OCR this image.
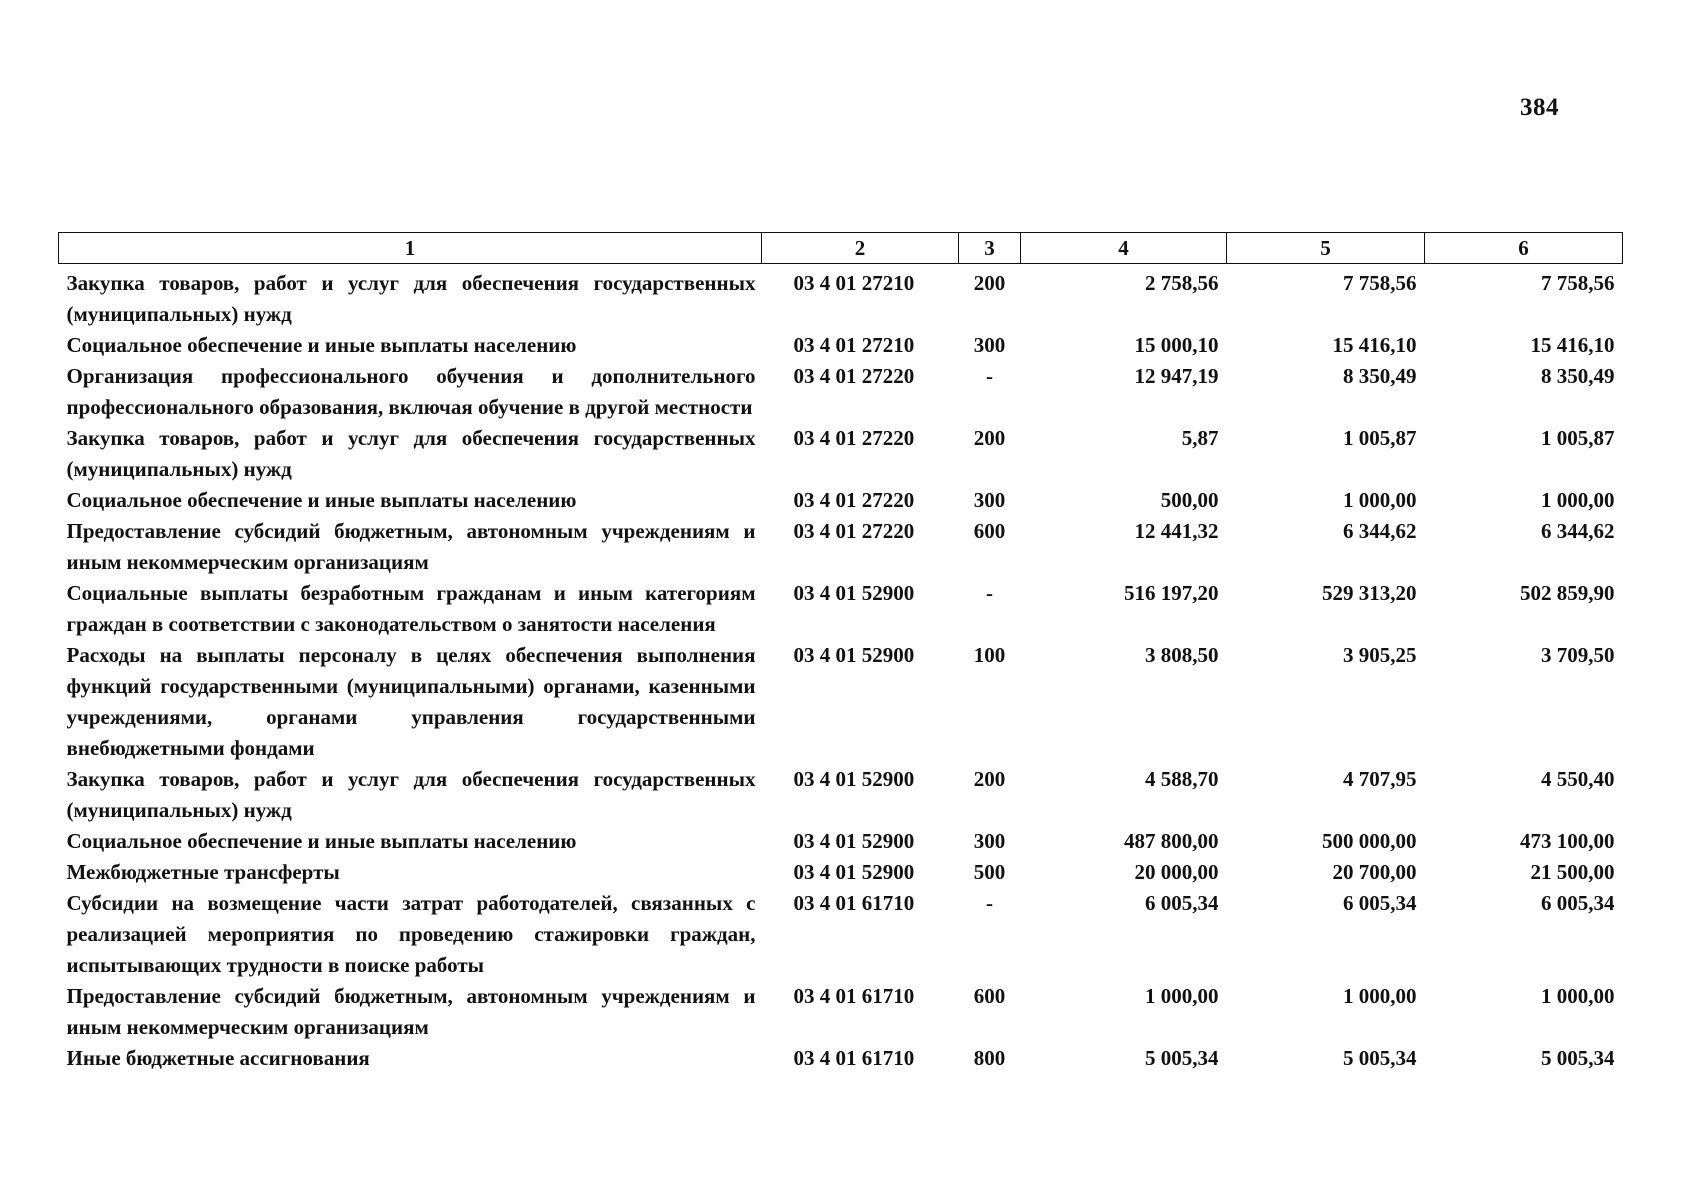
384
1	2	3	4	5	6
Закупка товаров, работ и услуг для обеспечения государственных (муниципальных) нужд	03 4 01 27210	200	2 758,56	7 758,56	7 758,56
Социальное обеспечение и иные выплаты населению	03 4 01 27210	300	15 000,10	15 416,10	15 416,10
Организация профессионального обучения и дополнительного профессионального образования, включая обучение в другой местности	03 4 01 27220	-	12 947,19	8 350,49	8 350,49
Закупка товаров, работ и услуг для обеспечения государственных (муниципальных) нужд	03 4 01 27220	200	5,87	1 005,87	1 005,87
Социальное обеспечение и иные выплаты населению	03 4 01 27220	300	500,00	1 000,00	1 000,00
Предоставление субсидий бюджетным, автономным учреждениям и иным некоммерческим организациям	03 4 01 27220	600	12 441,32	6 344,62	6 344,62
Социальные выплаты безработным гражданам и иным категориям граждан в соответствии с законодательством о занятости населения	03 4 01 52900	-	516 197,20	529 313,20	502 859,90
Расходы на выплаты персоналу в целях обеспечения выполнения функций государственными (муниципальными) органами, казенными учреждениями, органами управления государственными внебюджетными фондами	03 4 01 52900	100	3 808,50	3 905,25	3 709,50
Закупка товаров, работ и услуг для обеспечения государственных (муниципальных) нужд	03 4 01 52900	200	4 588,70	4 707,95	4 550,40
Социальное обеспечение и иные выплаты населению	03 4 01 52900	300	487 800,00	500 000,00	473 100,00
Межбюджетные трансферты	03 4 01 52900	500	20 000,00	20 700,00	21 500,00
Субсидии на возмещение части затрат работодателей, связанных с реализацией мероприятия по проведению стажировки граждан, испытывающих трудности в поиске работы	03 4 01 61710	-	6 005,34	6 005,34	6 005,34
Предоставление субсидий бюджетным, автономным учреждениям и иным некоммерческим организациям	03 4 01 61710	600	1 000,00	1 000,00	1 000,00
Иные бюджетные ассигнования	03 4 01 61710	800	5 005,34	5 005,34	5 005,34
